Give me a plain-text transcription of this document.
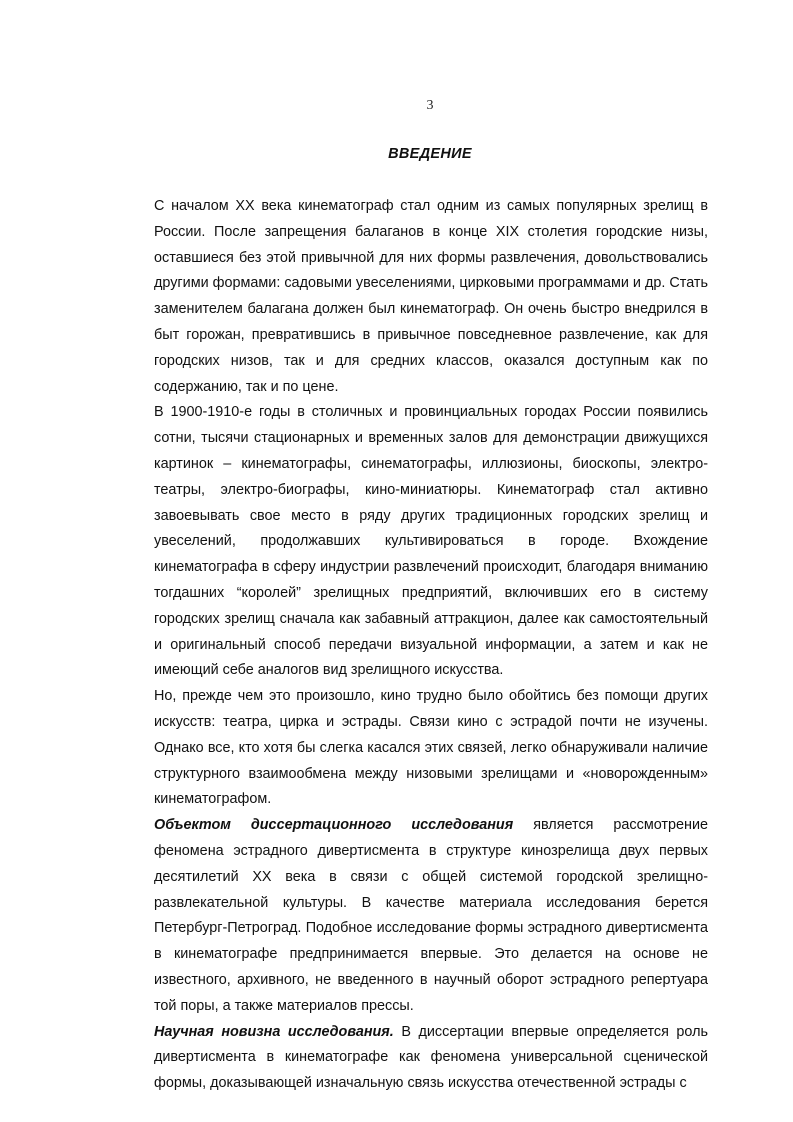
3
ВВЕДЕНИЕ

С началом XX века кинематограф стал одним из самых популярных зрелищ в России. После запрещения балаганов в конце XIX столетия городские низы, оставшиеся без этой привычной для них формы развлечения, довольствовались другими формами: садовыми увеселениями, цирковыми программами и др. Стать заменителем балагана должен был кинематограф. Он очень быстро внедрился в быт горожан, превратившись в привычное повседневное развлечение, как для городских низов, так и для средних классов, оказался доступным как по содержанию, так и по цене.

В 1900-1910-е годы в столичных и провинциальных городах России появились сотни, тысячи стационарных и временных залов для демонстрации движущихся картинок – кинематографы, синематографы, иллюзионы, биоскопы, электро-театры, электро-биографы, кино-миниатюры. Кинематограф стал активно завоевывать свое место в ряду других традиционных городских зрелищ и увеселений, продолжавших культивироваться в городе. Вхождение кинематографа в сферу индустрии развлечений происходит, благодаря вниманию тогдашних “королей” зрелищных предприятий, включивших его в систему городских зрелищ сначала как забавный аттракцион, далее как самостоятельный и оригинальный способ передачи визуальной информации, а затем и как не имеющий себе аналогов вид зрелищного искусства.

Но, прежде чем это произошло, кино трудно было обойтись без помощи других искусств: театра, цирка и эстрады. Связи кино с эстрадой почти не изучены. Однако все, кто хотя бы слегка касался этих связей, легко обнаруживали наличие структурного взаимообмена между низовыми зрелищами и «новорожденным» кинематографом.

Объектом диссертационного исследования является рассмотрение феномена эстрадного дивертисмента в структуре кинозрелища двух первых десятилетий XX века в связи с общей системой городской зрелищно-развлекательной культуры. В качестве материала исследования берется Петербург-Петроград. Подобное исследование формы эстрадного дивертисмента в кинематографе предпринимается впервые. Это делается на основе не известного, архивного, не введенного в научный оборот эстрадного репертуара той поры, а также материалов прессы.

Научная новизна исследования. В диссертации впервые определяется роль дивертисмента в кинематографе как феномена универсальной сценической формы, доказывающей изначальную связь искусства отечественной эстрады с
